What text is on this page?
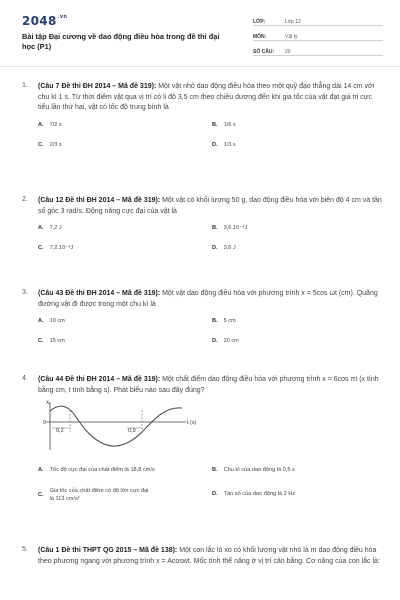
$2048^{.vn}$
Bài tập Đại cương về dao động điều hòa trong đề thi đại học (P1)
LỚP:	Lớp 12
MÔN:	Vật lý
SỐ CÂU:	20
1. (Câu 7 Đề thi ĐH 2014 – Mã đề 319): Một vật nhỏ dao động điều hòa theo một quỹ đạo thẳng dài 14 cm với chu kì 1 s. Từ thời điểm vật qua vị trí có li độ 3,5 cm theo chiều dương đến khi gia tốc của vật đạt giá trị cực tiểu lần thứ hai, vật có tốc độ trung bình là

A. 7/2 s	B. 1/6 s
C. 2/3 s	D. 1/3 s
2. (Câu 12 Đề thi ĐH 2014 – Mã đề 319): Một vật có khối lượng 50 g, dao động điều hòa với biên độ 4 cm và tần số góc 3 rad/s. Động năng cực đại của vật là

A. 7,2 J	B. 3,6.10⁻⁴J
C. 7,2.10⁻⁴J	D. 3,6 J
3. (Câu 43 Đề thi ĐH 2014 – Mã đề 319): Một vật dao động điều hòa với phương trình x = 5cos ωt (cm). Quãng đường vật đi được trong một chu kì là

A. 10 cm	B. 5 cm
C. 15 cm	D. 20 cm
4. (Câu 44 Đề thi ĐH 2014 – Mã đề 319): Một chất điểm dao động điều hòa với phương trình x = 6cos πt (x tính bằng cm, t tính bằng s). Phát biểu nào sau đây đúng?

x
0	t (s)
0,2	0,9
A. Tốc độ cực đại của chất điểm là 18,8 cm/s	B. Chu kì của dao động là 0,5 s
C.
Gia tốc của chất điểm có độ lớn cực đại là 113 cm/s²
D. Tần số của dao động là 2 Hz
5. (Câu 1 Đề thi THPT QG 2015 – Mã đề 138): Một con lắc lò xo có khối lượng vật nhỏ là m dao động điều hòa theo phương ngang với phương trình x = Acoswt. Mốc tính thế năng ở vị trí cân bằng. Cơ năng của con lắc là:
